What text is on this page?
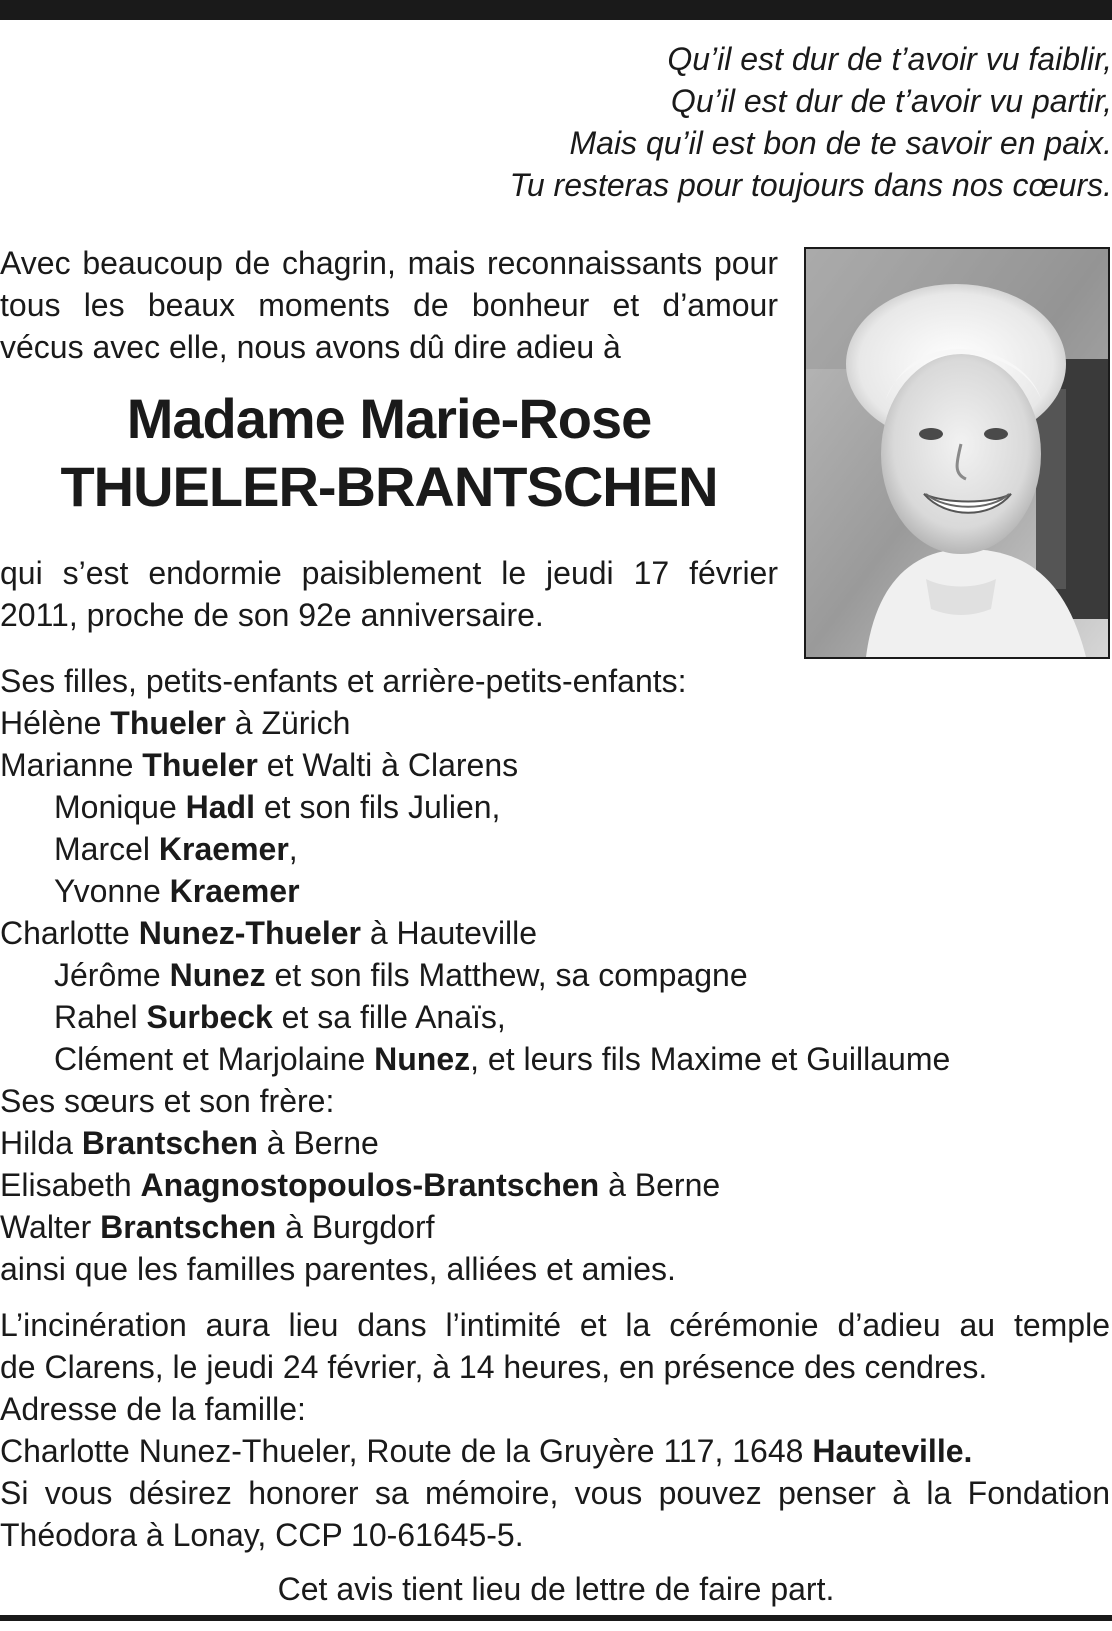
Qu’il est dur de t’avoir vu faiblir,
Qu’il est dur de t’avoir vu partir,
Mais qu’il est bon de te savoir en paix.
Tu resteras pour toujours dans nos cœurs.
Avec beaucoup de chagrin, mais reconnaissants pour
tous les beaux moments de bonheur et d’amour
vécus avec elle, nous avons dû dire adieu à
Madame Marie-Rose
THUELER-BRANTSCHEN
qui s’est endormie paisiblement le jeudi 17 février
2011, proche de son 92e anniversaire.
Ses filles, petits-enfants et arrière-petits-enfants:
Hélène Thueler à Zürich
Marianne Thueler et Walti à Clarens
Monique Hadl et son fils Julien,
Marcel Kraemer,
Yvonne Kraemer
Charlotte Nunez-Thueler à Hauteville
Jérôme Nunez et son fils Matthew, sa compagne
Rahel Surbeck et sa fille Anaïs,
Clément et Marjolaine Nunez, et leurs fils Maxime et Guillaume
Ses sœurs et son frère:
Hilda Brantschen à Berne
Elisabeth Anagnostopoulos-Brantschen à Berne
Walter Brantschen à Burgdorf
ainsi que les familles parentes, alliées et amies.
L’incinération aura lieu dans l’intimité et la cérémonie d’adieu au temple
de Clarens, le jeudi 24 février, à 14 heures, en présence des cendres.
Adresse de la famille:
Charlotte Nunez-Thueler, Route de la Gruyère 117, 1648 Hauteville.
Si vous désirez honorer sa mémoire, vous pouvez penser à la Fondation
Théodora à Lonay, CCP 10-61645-5.
Cet avis tient lieu de lettre de faire part.
